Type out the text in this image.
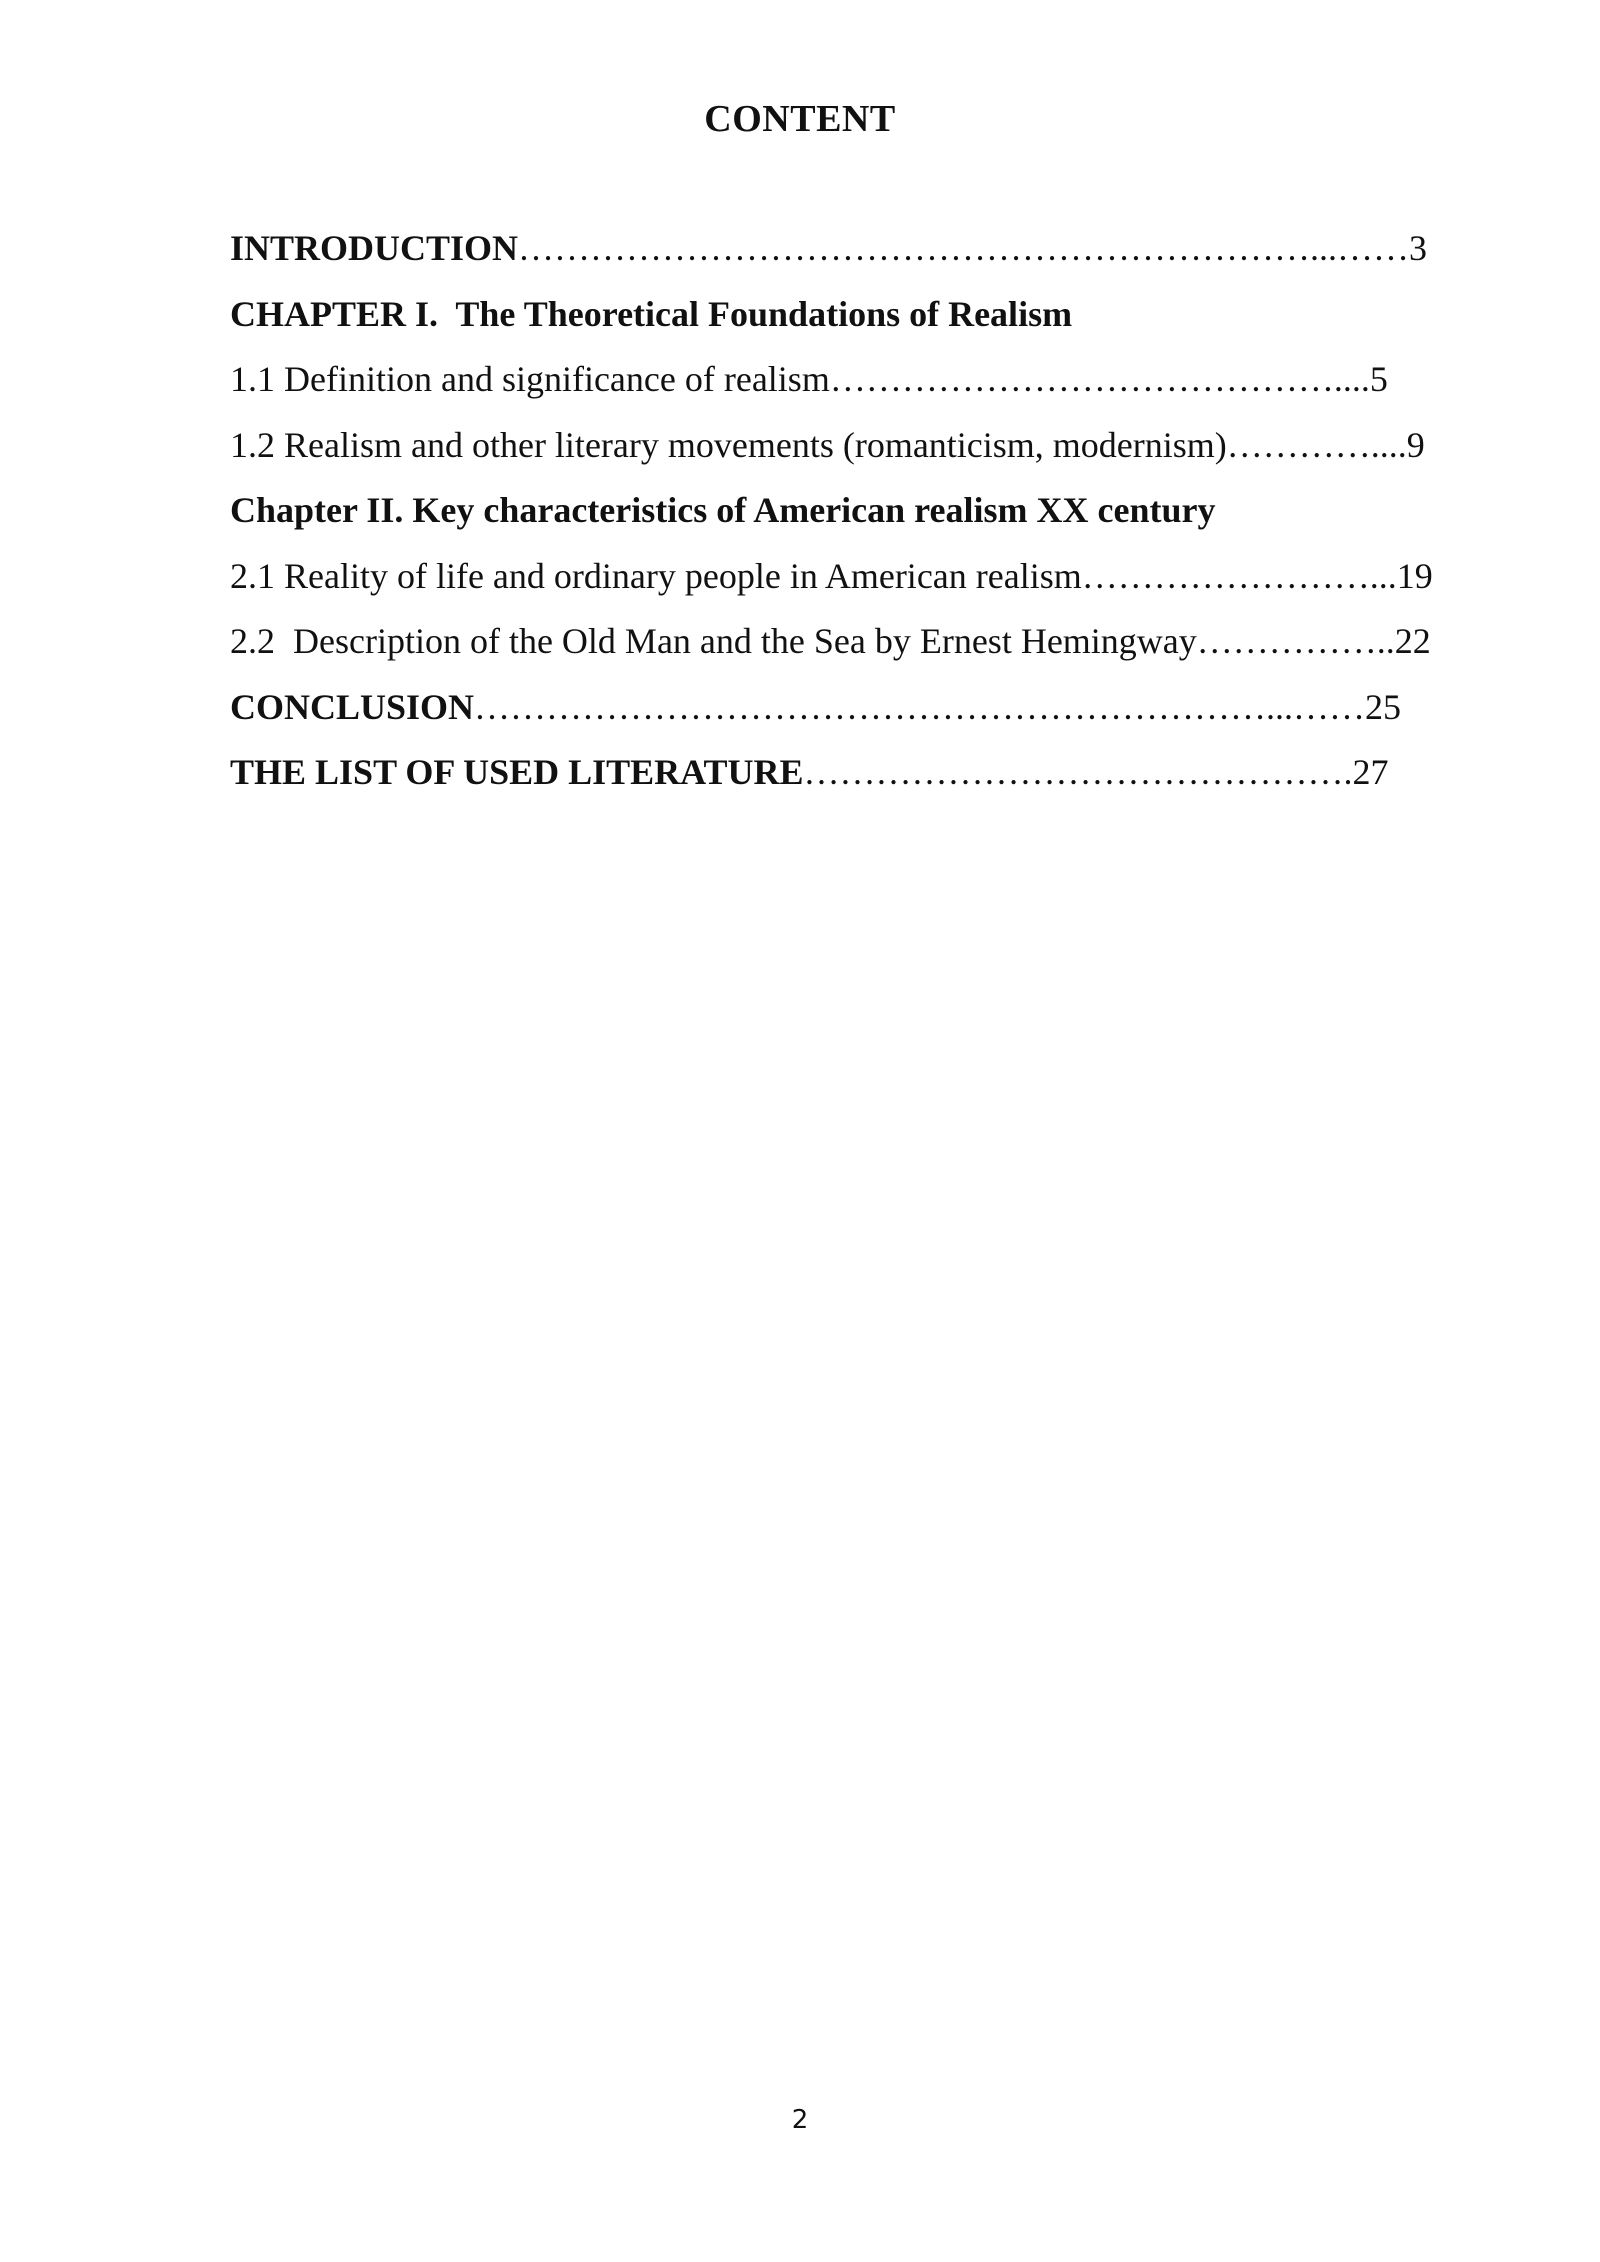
CONTENT
INTRODUCTION…………………………………………………………...……3
CHAPTER I.  The Theoretical Foundations of Realism
1.1 Definition and significance of realism……………………………………....5
1.2 Realism and other literary movements (romanticism, modernism)…………....9
Chapter II. Key characteristics of American realism XX century
2.1 Reality of life and ordinary people in American realism……………………...19
2.2  Description of the Old Man and the Sea by Ernest Hemingway……………..22
CONCLUSION…………………………………………………………...……25
THE LIST OF USED LITERATURE……………………………………….27
2
